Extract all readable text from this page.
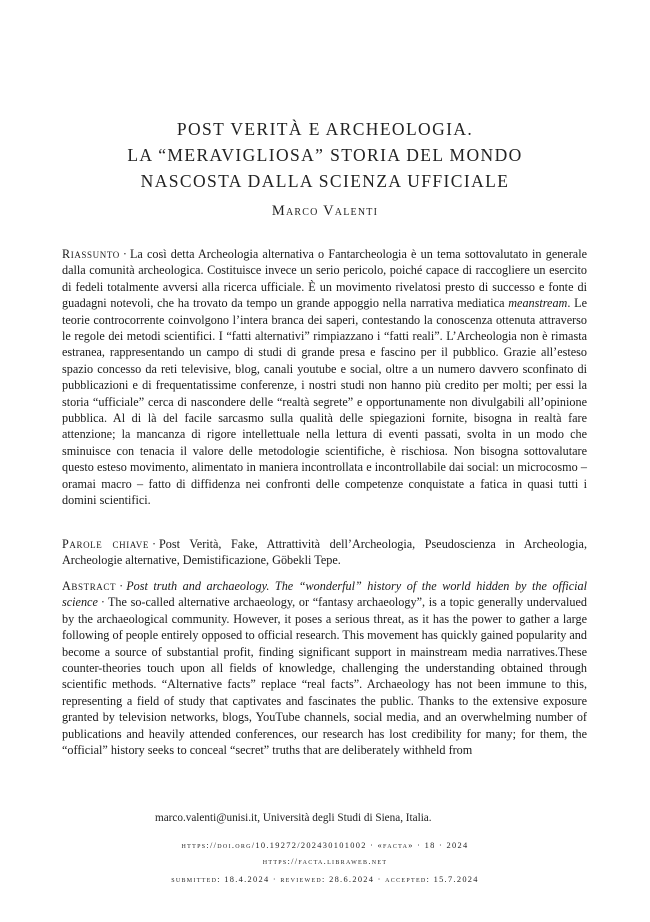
POST VERITÀ E ARCHEOLOGIA.
LA “MERAVIGLIOSA” STORIA DEL MONDO
NASCOSTA DALLA SCIENZA UFFICIALE
Marco Valenti
Riassunto · La così detta Archeologia alternativa o Fantarcheologia è un tema sottovalutato in generale dalla comunità archeologica. Costituisce invece un serio pericolo, poiché capace di raccogliere un esercito di fedeli totalmente avversi alla ricerca ufficiale. È un movimento rivelatosi presto di successo e fonte di guadagni notevoli, che ha trovato da tempo un grande appoggio nella narrativa mediatica meanstream. Le teorie controcorrente coinvolgono l’intera branca dei saperi, contestando la conoscenza ottenuta attraverso le regole dei metodi scientifici. I “fatti alternativi” rimpiazzano i “fatti reali”. L’Archeologia non è rimasta estranea, rappresentando un campo di studi di grande presa e fascino per il pubblico. Grazie all’esteso spazio concesso da reti televisive, blog, canali youtube e social, oltre a un numero davvero sconfinato di pubblicazioni e di frequentatissime conferenze, i nostri studi non hanno più credito per molti; per essi la storia “ufficiale” cerca di nascondere delle “realtà segrete” e opportunamente non divulgabili all’opinione pubblica. Al di là del facile sarcasmo sulla qualità delle spiegazioni fornite, bisogna in realtà fare attenzione; la mancanza di rigore intellettuale nella lettura di eventi passati, svolta in un modo che sminuisce con tenacia il valore delle metodologie scientifiche, è rischiosa. Non bisogna sottovalutare questo esteso movimento, alimentato in maniera incontrollata e incontrollabile dai social: un microcosmo – oramai macro – fatto di diffidenza nei confronti delle competenze conquistate a fatica in quasi tutti i domini scientifici.
Parole chiave · Post Verità, Fake, Attrattività dell’Archeologia, Pseudoscienza in Archeologia, Archeologie alternative, Demistificazione, Göbekli Tepe.
Abstract · Post truth and archaeology. The “wonderful” history of the world hidden by the official science · The so-called alternative archaeology, or “fantasy archaeology”, is a topic generally undervalued by the archaeological community. However, it poses a serious threat, as it has the power to gather a large following of people entirely opposed to official research. This movement has quickly gained popularity and become a source of substantial profit, finding significant support in mainstream media narratives.These counter-theories touch upon all fields of knowledge, challenging the understanding obtained through scientific methods. “Alternative facts” replace “real facts”. Archaeology has not been immune to this, representing a field of study that captivates and fascinates the public. Thanks to the extensive exposure granted by television networks, blogs, YouTube channels, social media, and an overwhelming number of publications and heavily attended conferences, our research has lost credibility for many; for them, the “official” history seeks to conceal “secret” truths that are deliberately withheld from
marco.valenti@unisi.it, Università degli Studi di Siena, Italia.
https://doi.org/10.19272/202430101002 · «facta» · 18 · 2024
https://facta.libraweb.net
submitted: 18.4.2024 · reviewed: 28.6.2024 · accepted: 15.7.2024
